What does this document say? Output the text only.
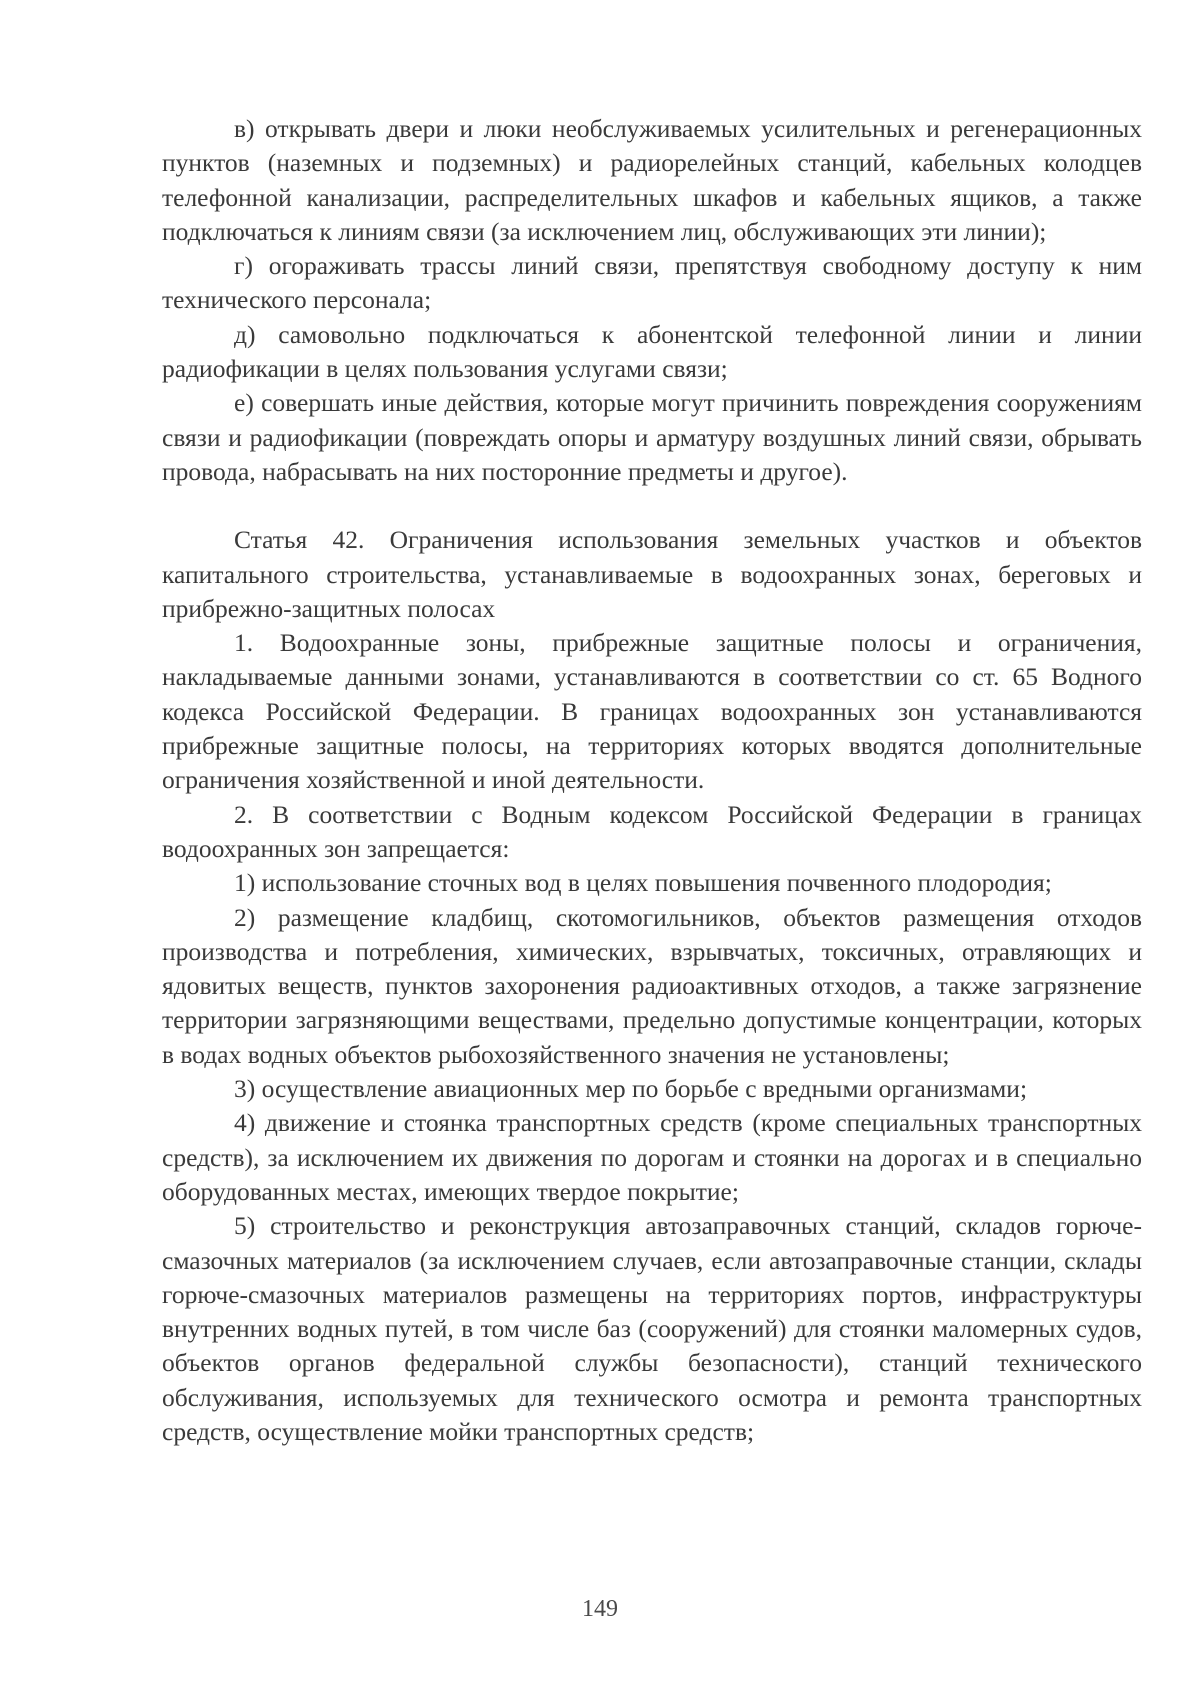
в) открывать двери и люки необслуживаемых усилительных и регенерационных пунктов (наземных и подземных) и радиорелейных станций, кабельных колодцев телефонной канализации, распределительных шкафов и кабельных ящиков, а также подключаться к линиям связи (за исключением лиц, обслуживающих эти линии);

г) огораживать трассы линий связи, препятствуя свободному доступу к ним технического персонала;

д) самовольно подключаться к абонентской телефонной линии и линии радиофикации в целях пользования услугами связи;

е) совершать иные действия, которые могут причинить повреждения сооружениям связи и радиофикации (повреждать опоры и арматуру воздушных линий связи, обрывать провода, набрасывать на них посторонние предметы и другое).

Статья 42. Ограничения использования земельных участков и объектов капитального строительства, устанавливаемые в водоохранных зонах, береговых и прибрежно-защитных полосах

1. Водоохранные зоны, прибрежные защитные полосы и ограничения, накладываемые данными зонами, устанавливаются в соответствии со ст. 65 Водного кодекса Российской Федерации. В границах водоохранных зон устанавливаются прибрежные защитные полосы, на территориях которых вводятся дополнительные ограничения хозяйственной и иной деятельности.

2. В соответствии с Водным кодексом Российской Федерации в границах водоохранных зон запрещается:

1) использование сточных вод в целях повышения почвенного плодородия;

2) размещение кладбищ, скотомогильников, объектов размещения отходов производства и потребления, химических, взрывчатых, токсичных, отравляющих и ядовитых веществ, пунктов захоронения радиоактивных отходов, а также загрязнение территории загрязняющими веществами, предельно допустимые концентрации, которых в водах водных объектов рыбохозяйственного значения не установлены;

3) осуществление авиационных мер по борьбе с вредными организмами;

4) движение и стоянка транспортных средств (кроме специальных транспортных средств), за исключением их движения по дорогам и стоянки на дорогах и в специально оборудованных местах, имеющих твердое покрытие;

5) строительство и реконструкция автозаправочных станций, складов горюче-смазочных материалов (за исключением случаев, если автозаправочные станции, склады горюче-смазочных материалов размещены на территориях портов, инфраструктуры внутренних водных путей, в том числе баз (сооружений) для стоянки маломерных судов, объектов органов федеральной службы безопасности), станций технического обслуживания, используемых для технического осмотра и ремонта транспортных средств, осуществление мойки транспортных средств;

149
